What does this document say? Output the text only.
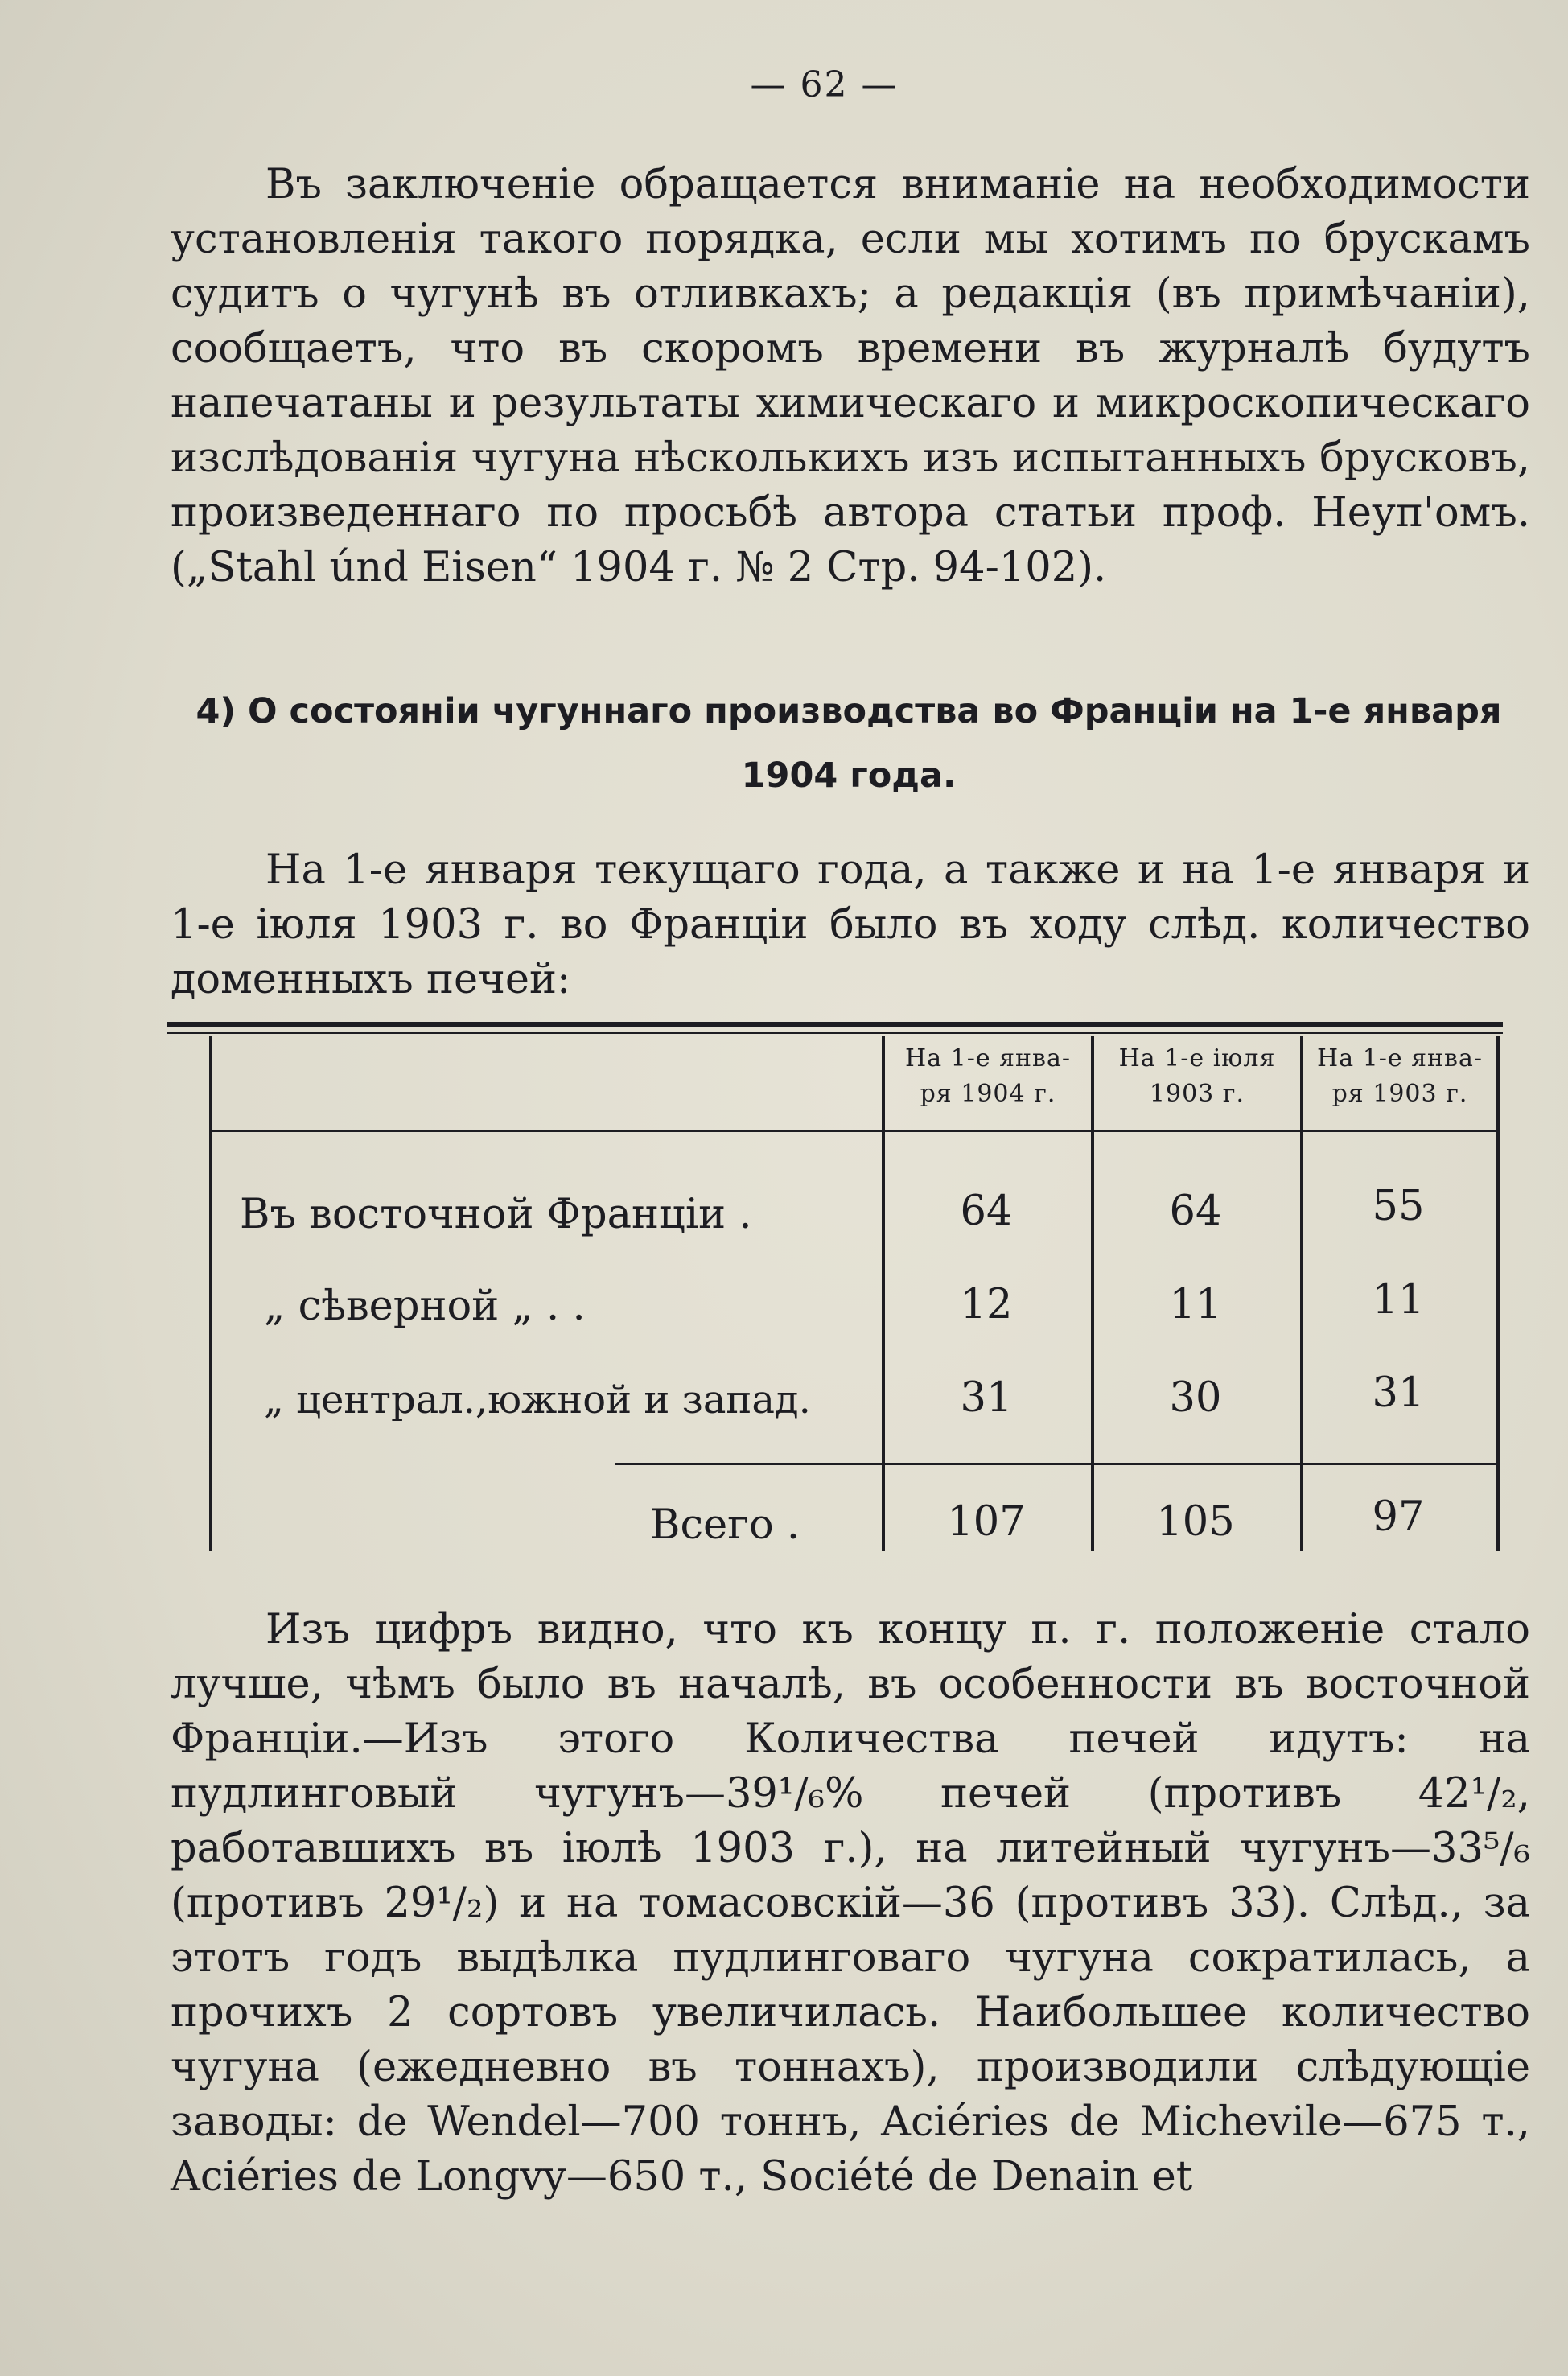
— 62 —

Въ заключеніе обращается вниманіе на необходимости установленія такого порядка, если мы хотимъ по брускамъ судитъ о чугунѣ въ отливкахъ; а редакція (въ примѣчаніи), сообщаетъ, что въ скоромъ времени въ журналѣ будутъ напечатаны и результаты химическаго и микроскопическаго изслѣдованія чугуна нѣсколькихъ изъ испытанныхъ брусковъ, произведеннаго по просьбѣ автора статьи проф. Неуп'омъ. („Stahl únd Eisen“ 1904 г. № 2 Стр. 94-102).

4) О состояніи чугуннаго производства во Франціи на 1-е января
1904 года.

На 1-е января текущаго года, а также и на 1-е января и 1-е іюля 1903 г. во Франціи было въ ходу слѣд. количество доменныхъ печей:

На 1-е янва-
ря 1904 г.
На 1-е іюля
1903 г.
На 1-е янва-
ря 1903 г.
Въ восточной Франціи .	64	64	55
„ сѣверной „ . .	12	11	11
„ централ.,южной и запад.	31	30	31
Всего .	107	105	97

Изъ цифръ видно, что къ концу п. г. положеніе стало лучше, чѣмъ было въ началѣ, въ особенности въ восточной Франціи.—Изъ этого Количества печей идутъ: на пудлинговый чугунъ—39¹/₆% печей (противъ 42¹/₂, работавшихъ въ іюлѣ 1903 г.), на литейный чугунъ—33⁵/₆ (противъ 29¹/₂) и на томасовскій—36 (противъ 33). Слѣд., за этотъ годъ выдѣлка пудлинговаго чугуна сократилась, а прочихъ 2 сортовъ увеличилась. Наибольшее количество чугуна (ежедневно въ тоннахъ), производили слѣдующіе заводы: de Wendel—700 тоннъ, Aciéries de Michevile—675 т., Aciéries de Longvy—650 т., Société de Denain et
